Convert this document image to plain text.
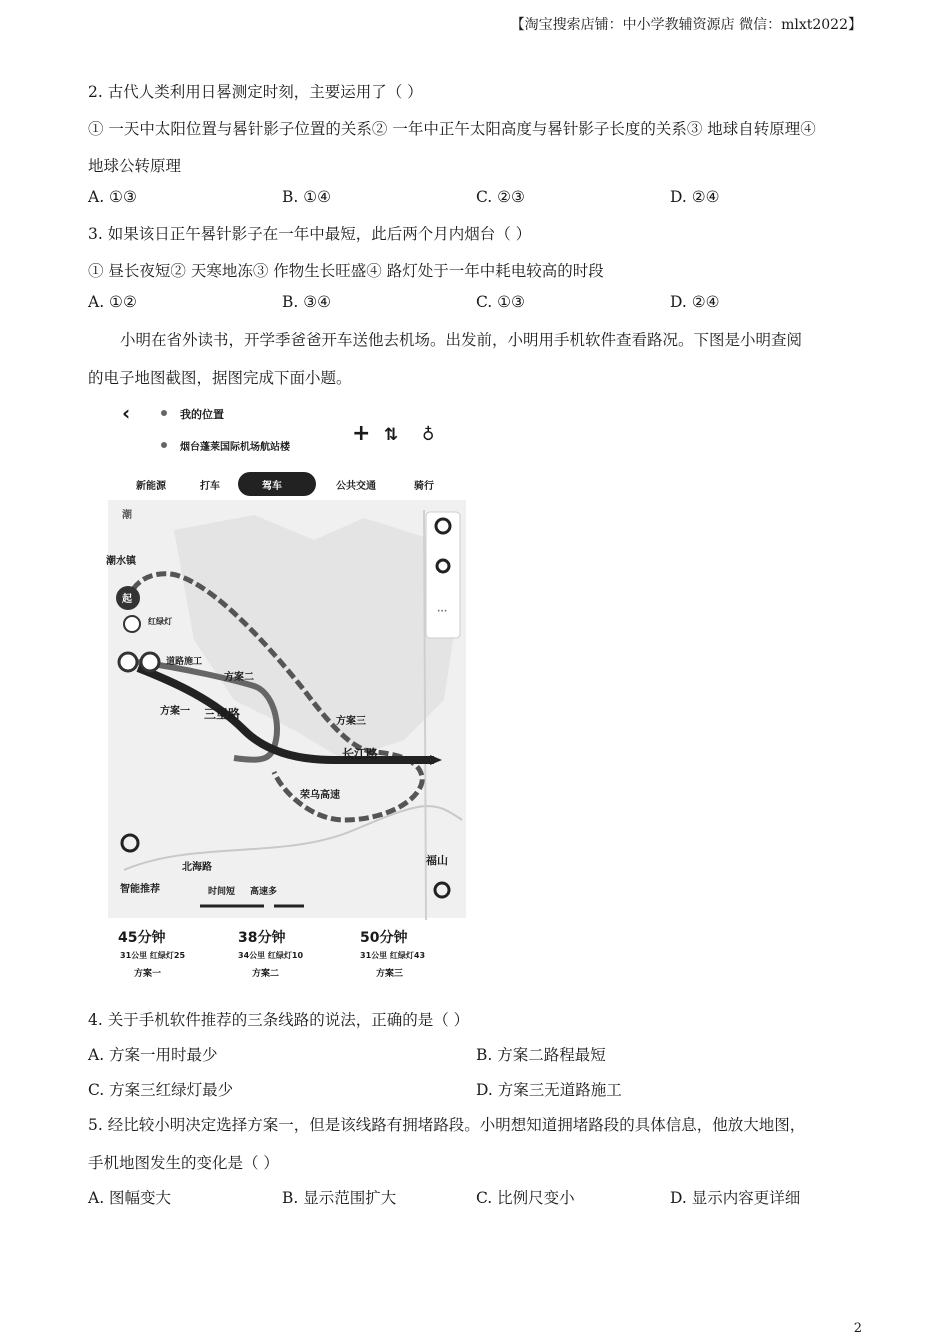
【淘宝搜索店铺：中小学教辅资源店 微信：mlxt2022】
2. 古代人类利用日晷测定时刻，主要运用了（ ）
① 一天中太阳位置与晷针影子位置的关系② 一年中正午太阳高度与晷针影子长度的关系③ 地球自转原理④
地球公转原理
A. ①③	B. ①④	C. ②③	D. ②④
3. 如果该日正午晷针影子在一年中最短，此后两个月内烟台（ ）
① 昼长夜短② 天寒地冻③ 作物生长旺盛④ 路灯处于一年中耗电较高的时段
A. ①②	B. ③④	C. ①③	D. ②④
小明在省外读书，开学季爸爸开车送他去机场。出发前，小明用手机软件查看路况。下图是小明查阅
的电子地图截图，据图完成下面小题。
‹	我的位置
烟台蓬莱国际机场航站楼
+ ⇅ ♁
新能源	打车	驾车	公共交通	骑行
潮
···
潮水镇
福山
北海路
起
道路施工
红绿灯
三里路
长江路
荣乌高速
方案一
方案二
方案三
智能推荐	时间短 高速多
45分钟
31公里 红绿灯25
方案一
38分钟
34公里 红绿灯10
方案二
50分钟
31公里 红绿灯43
方案三
4. 关于手机软件推荐的三条线路的说法，正确的是（ ）
A. 方案一用时最少	B. 方案二路程最短
C. 方案三红绿灯最少	D. 方案三无道路施工
5. 经比较小明决定选择方案一，但是该线路有拥堵路段。小明想知道拥堵路段的具体信息，他放大地图，
手机地图发生的变化是（ ）
A. 图幅变大	B. 显示范围扩大	C. 比例尺变小	D. 显示内容更详细
2
